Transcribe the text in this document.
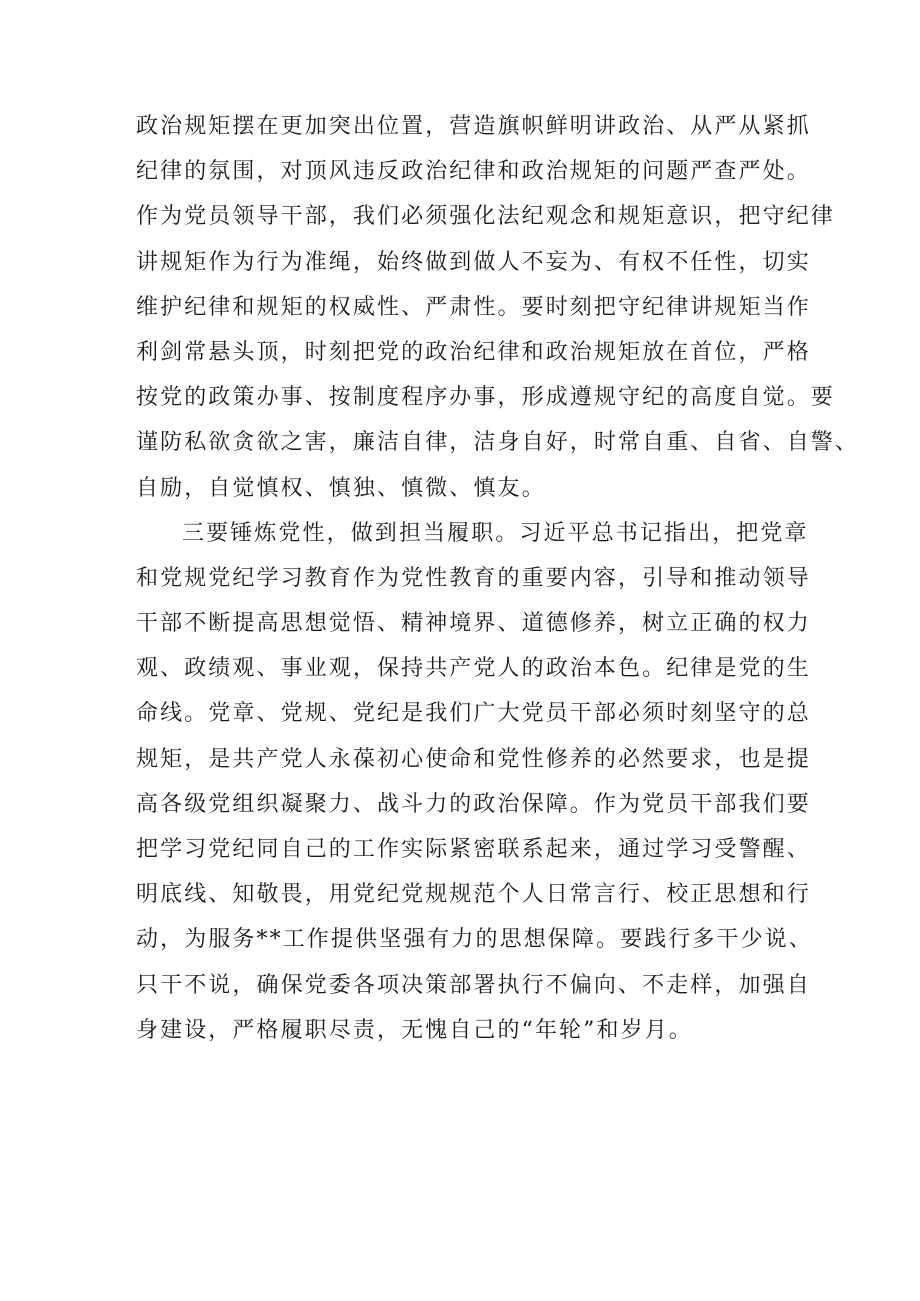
政治规矩摆在更加突出位置，营造旗帜鲜明讲政治、从严从紧抓
纪律的氛围，对顶风违反政治纪律和政治规矩的问题严查严处。
作为党员领导干部，我们必须强化法纪观念和规矩意识，把守纪律
讲规矩作为行为准绳，始终做到做人不妄为、有权不任性，切实
维护纪律和规矩的权威性、严肃性。要时刻把守纪律讲规矩当作
利剑常悬头顶，时刻把党的政治纪律和政治规矩放在首位，严格
按党的政策办事、按制度程序办事，形成遵规守纪的高度自觉。要
谨防私欲贪欲之害，廉洁自律，洁身自好，时常自重、自省、自警、
自励，自觉慎权、慎独、慎微、慎友。
三要锤炼党性，做到担当履职。习近平总书记指出，把党章
和党规党纪学习教育作为党性教育的重要内容，引导和推动领导
干部不断提高思想觉悟、精神境界、道德修养，树立正确的权力
观、政绩观、事业观，保持共产党人的政治本色。纪律是党的生
命线。党章、党规、党纪是我们广大党员干部必须时刻坚守的总
规矩，是共产党人永葆初心使命和党性修养的必然要求，也是提
高各级党组织凝聚力、战斗力的政治保障。作为党员干部我们要
把学习党纪同自己的工作实际紧密联系起来，通过学习受警醒、
明底线、知敬畏，用党纪党规规范个人日常言行、校正思想和行
动，为服务**工作提供坚强有力的思想保障。要践行多干少说、
只干不说，确保党委各项决策部署执行不偏向、不走样，加强自
身建设，严格履职尽责，无愧自己的“年轮”和岁月。
